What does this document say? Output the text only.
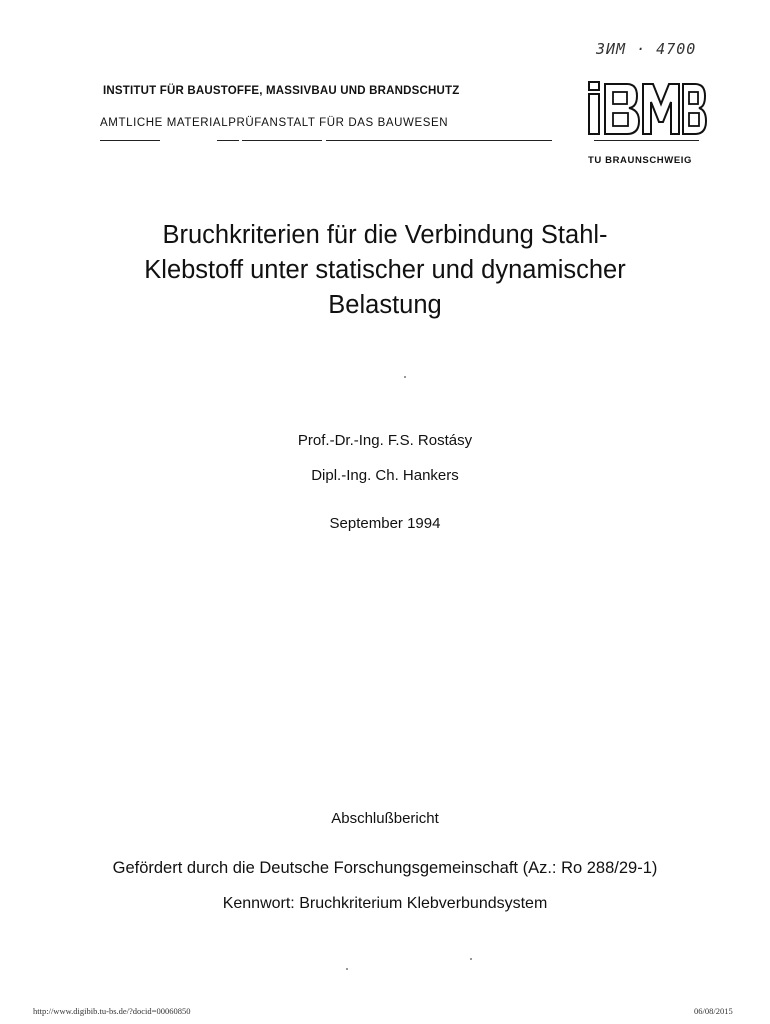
ЗИМ · 4700
INSTITUT FÜR BAUSTOFFE, MASSIVBAU UND BRANDSCHUTZ
AMTLICHE MATERIALPRÜFANSTALT FÜR DAS BAUWESEN
TU BRAUNSCHWEIG
Bruchkriterien für die Verbindung Stahl-
Klebstoff unter statischer und dynamischer
Belastung
Prof.-Dr.-Ing. F.S. Rostásy
Dipl.-Ing. Ch. Hankers
September 1994
Abschlußbericht
Gefördert durch die Deutsche Forschungsgemeinschaft (Az.: Ro 288/29-1)
Kennwort: Bruchkriterium Klebverbundsystem
http://www.digibib.tu-bs.de/?docid=00060850	06/08/2015
